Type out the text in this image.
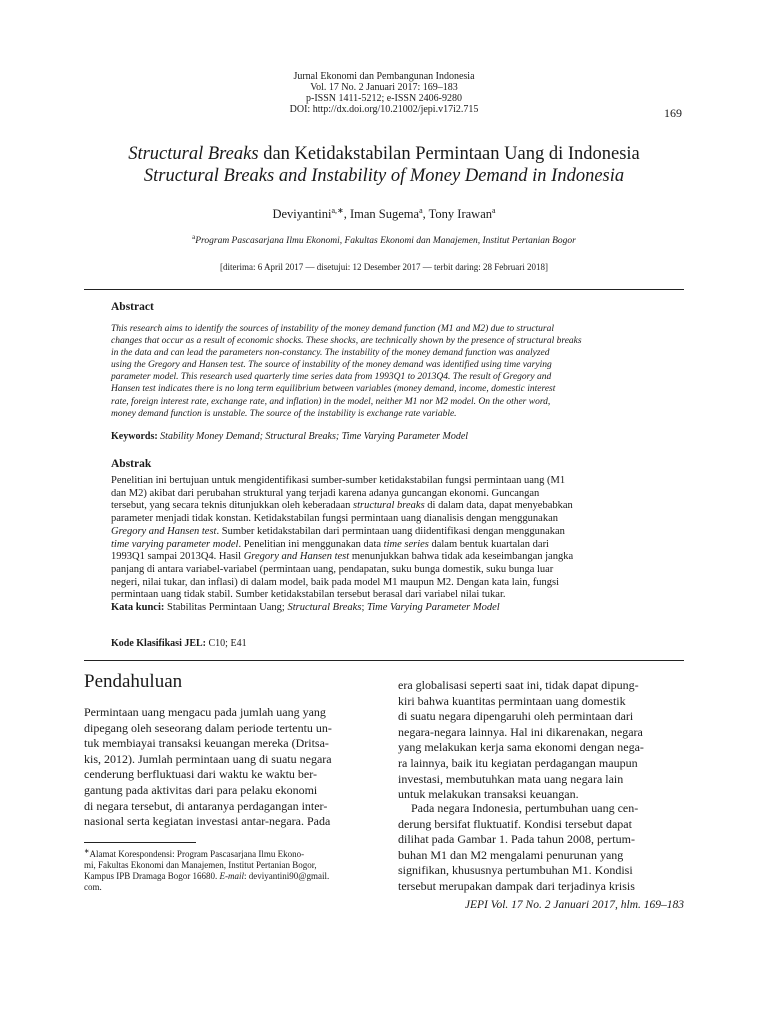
Jurnal Ekonomi dan Pembangunan Indonesia
Vol. 17 No. 2 Januari 2017: 169–183
p-ISSN 1411-5212; e-ISSN 2406-9280
DOI: http://dx.doi.org/10.21002/jepi.v17i2.715	169
Structural Breaks dan Ketidakstabilan Permintaan Uang di Indonesia
Structural Breaks and Instability of Money Demand in Indonesia
Deviyantini$^{a,∗}$, Iman Sugema$^a$, Tony Irawan$^a$
$^a$Program Pascasarjana Ilmu Ekonomi, Fakultas Ekonomi dan Manajemen, Institut Pertanian Bogor
[diterima: 6 April 2017 — disetujui: 12 Desember 2017 — terbit daring: 28 Februari 2018]
Abstract
This research aims to identify the sources of instability of the money demand function (M1 and M2) due to structural
changes that occur as a result of economic shocks. These shocks, are technically shown by the presence of structural breaks
in the data and can lead the parameters non-constancy. The instability of the money demand function was analyzed
using the Gregory and Hansen test. The source of instability of the money demand was identified using time varying
parameter model. This research used quarterly time series data from 1993Q1 to 2013Q4. The result of Gregory and
Hansen test indicates there is no long term equilibrium between variables (money demand, income, domestic interest
rate, foreign interest rate, exchange rate, and inflation) in the model, neither M1 nor M2 model. On the other word,
money demand function is unstable. The source of the instability is exchange rate variable.
Keywords: Stability Money Demand; Structural Breaks; Time Varying Parameter Model
Abstrak
Penelitian ini bertujuan untuk mengidentifikasi sumber-sumber ketidakstabilan fungsi permintaan uang (M1
dan M2) akibat dari perubahan struktural yang terjadi karena adanya guncangan ekonomi. Guncangan
tersebut, yang secara teknis ditunjukkan oleh keberadaan structural breaks di dalam data, dapat menyebabkan
parameter menjadi tidak konstan. Ketidakstabilan fungsi permintaan uang dianalisis dengan menggunakan
Gregory and Hansen test. Sumber ketidakstabilan dari permintaan uang diidentifikasi dengan menggunakan
time varying parameter model. Penelitian ini menggunakan data time series dalam bentuk kuartalan dari
1993Q1 sampai 2013Q4. Hasil Gregory and Hansen test menunjukkan bahwa tidak ada keseimbangan jangka
panjang di antara variabel-variabel (permintaan uang, pendapatan, suku bunga domestik, suku bunga luar
negeri, nilai tukar, dan inflasi) di dalam model, baik pada model M1 maupun M2. Dengan kata lain, fungsi
permintaan uang tidak stabil. Sumber ketidakstabilan tersebut berasal dari variabel nilai tukar.
Kata kunci: Stabilitas Permintaan Uang; Structural Breaks; Time Varying Parameter Model
Kode Klasifikasi JEL: C10; E41
Pendahuluan
Permintaan uang mengacu pada jumlah uang yang
dipegang oleh seseorang dalam periode tertentu un-
tuk membiayai transaksi keuangan mereka (Dritsa-
kis, 2012). Jumlah permintaan uang di suatu negara
cenderung berfluktuasi dari waktu ke waktu ber-
gantung pada aktivitas dari para pelaku ekonomi
di negara tersebut, di antaranya perdagangan inter-
nasional serta kegiatan investasi antar-negara. Pada
era globalisasi seperti saat ini, tidak dapat dipung-
kiri bahwa kuantitas permintaan uang domestik
di suatu negara dipengaruhi oleh permintaan dari
negara-negara lainnya. Hal ini dikarenakan, negara
yang melakukan kerja sama ekonomi dengan nega-
ra lainnya, baik itu kegiatan perdagangan maupun
investasi, membutuhkan mata uang negara lain
untuk melakukan transaksi keuangan.
Pada negara Indonesia, pertumbuhan uang cen-
derung bersifat fluktuatif. Kondisi tersebut dapat
dilihat pada Gambar 1. Pada tahun 2008, pertum-
buhan M1 dan M2 mengalami penurunan yang
signifikan, khususnya pertumbuhan M1. Kondisi
tersebut merupakan dampak dari terjadinya krisis
∗Alamat Korespondensi: Program Pascasarjana Ilmu Ekono-
mi, Fakultas Ekonomi dan Manajemen, Institut Pertanian Bogor,
Kampus IPB Dramaga Bogor 16680. E-mail: deviyantini90@gmail.
com.
JEPI Vol. 17 No. 2 Januari 2017, hlm. 169–183
